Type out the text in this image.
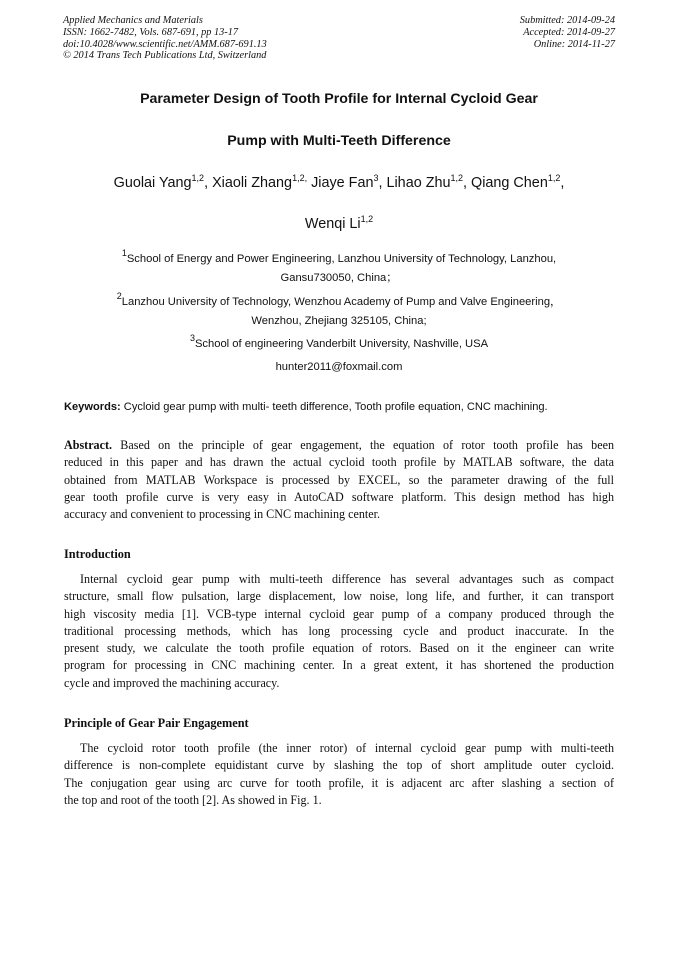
Applied Mechanics and Materials
ISSN: 1662-7482, Vols. 687-691, pp 13-17
doi:10.4028/www.scientific.net/AMM.687-691.13
© 2014 Trans Tech Publications Ltd, Switzerland
Submitted: 2014-09-24
Accepted: 2014-09-27
Online: 2014-11-27
Parameter Design of Tooth Profile for Internal Cycloid Gear
Pump with Multi-Teeth Difference
Guolai Yang$^{1,2}$, Xiaoli Zhang$^{1,2,}$ Jiaye Fan$^3$, Lihao Zhu$^{1,2}$, Qiang Chen$^{1,2}$,
Wenqi Li$^{1,2}$
$^1$School of Energy and Power Engineering, Lanzhou University of Technology, Lanzhou,
Gansu730050, China；
$^2$Lanzhou University of Technology, Wenzhou Academy of Pump and Valve Engineering，
Wenzhou, Zhejiang 325105, China;
$^3$School of engineering Vanderbilt University, Nashville, USA
hunter2011@foxmail.com
Keywords: Cycloid gear pump with multi- teeth difference, Tooth profile equation, CNC machining.
Abstract. Based on the principle of gear engagement, the equation of rotor tooth profile has been
reduced in this paper and has drawn the actual cycloid tooth profile by MATLAB software, the data
obtained from MATLAB Workspace is processed by EXCEL, so the parameter drawing of the full
gear tooth profile curve is very easy in AutoCAD software platform. This design method has high
accuracy and convenient to processing in CNC machining center.
Introduction
Internal cycloid gear pump with multi-teeth difference has several advantages such as compact
structure, small flow pulsation, large displacement, low noise, long life, and further, it can transport
high viscosity media [1]. VCB-type internal cycloid gear pump of a company produced through the
traditional processing methods, which has long processing cycle and product inaccurate. In the
present study, we calculate the tooth profile equation of rotors. Based on it the engineer can write
program for processing in CNC machining center. In a great extent, it has shortened the production
cycle and improved the machining accuracy.
Principle of Gear Pair Engagement
The cycloid rotor tooth profile (the inner rotor) of internal cycloid gear pump with multi-teeth
difference is non-complete equidistant curve by slashing the top of short amplitude outer cycloid.
The conjugation gear using arc curve for tooth profile, it is adjacent arc after slashing a section of
the top and root of the tooth [2]. As showed in Fig. 1.
